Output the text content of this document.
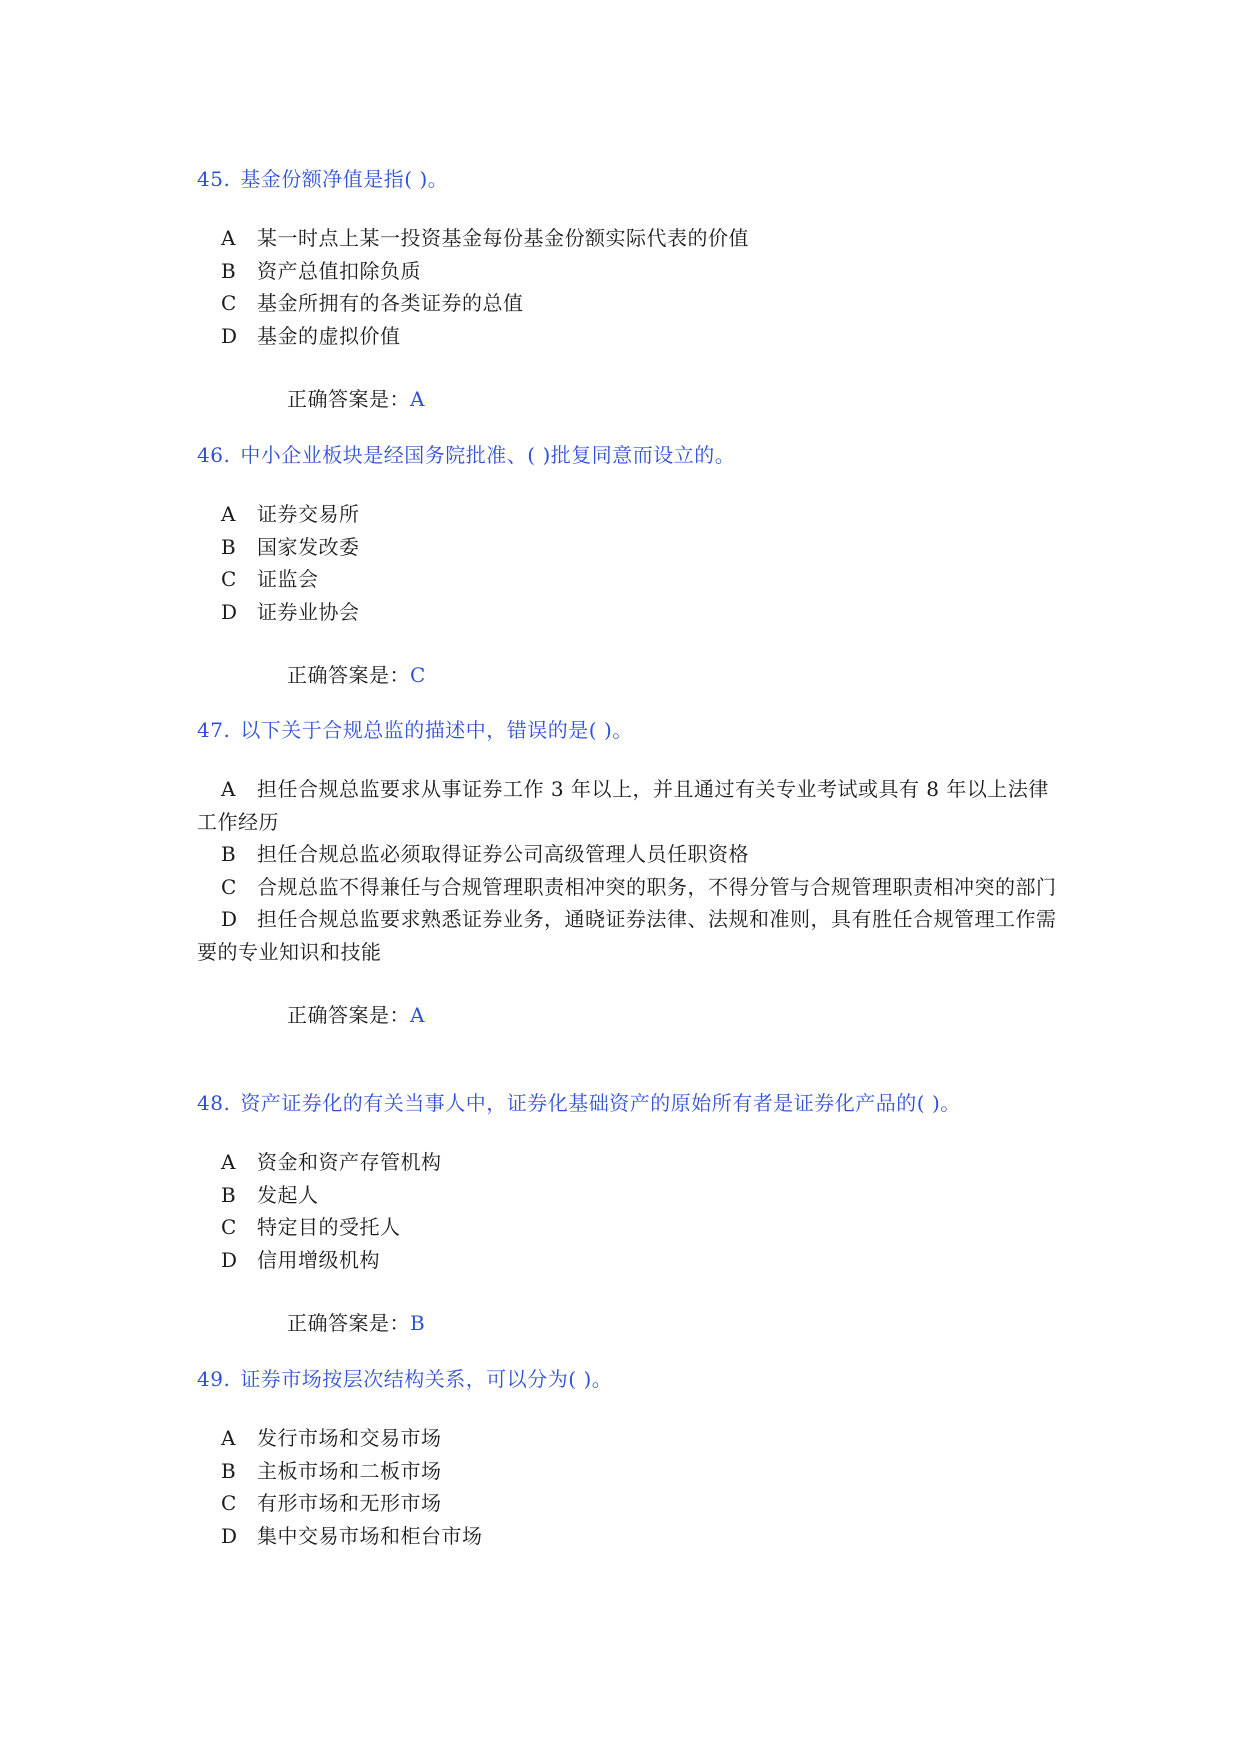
45. 基金份额净值是指( )。
A 某一时点上某一投资基金每份基金份额实际代表的价值
B 资产总值扣除负质
C 基金所拥有的各类证券的总值
D 基金的虚拟价值
正确答案是：A
46. 中小企业板块是经国务院批准、( )批复同意而设立的。
A 证券交易所
B 国家发改委
C 证监会
D 证券业协会
正确答案是：C
47. 以下关于合规总监的描述中，错误的是( )。
A 担任合规总监要求从事证券工作 3 年以上，并且通过有关专业考试或具有 8 年以上法律工作经历
B 担任合规总监必须取得证券公司高级管理人员任职资格
C 合规总监不得兼任与合规管理职责相冲突的职务，不得分管与合规管理职责相冲突的部门
D 担任合规总监要求熟悉证券业务，通晓证券法律、法规和准则，具有胜任合规管理工作需要的专业知识和技能
正确答案是：A
48. 资产证券化的有关当事人中，证券化基础资产的原始所有者是证券化产品的( )。
A 资金和资产存管机构
B 发起人
C 特定目的受托人
D 信用增级机构
正确答案是：B
49. 证券市场按层次结构关系，可以分为( )。
A 发行市场和交易市场
B 主板市场和二板市场
C 有形市场和无形市场
D 集中交易市场和柜台市场
